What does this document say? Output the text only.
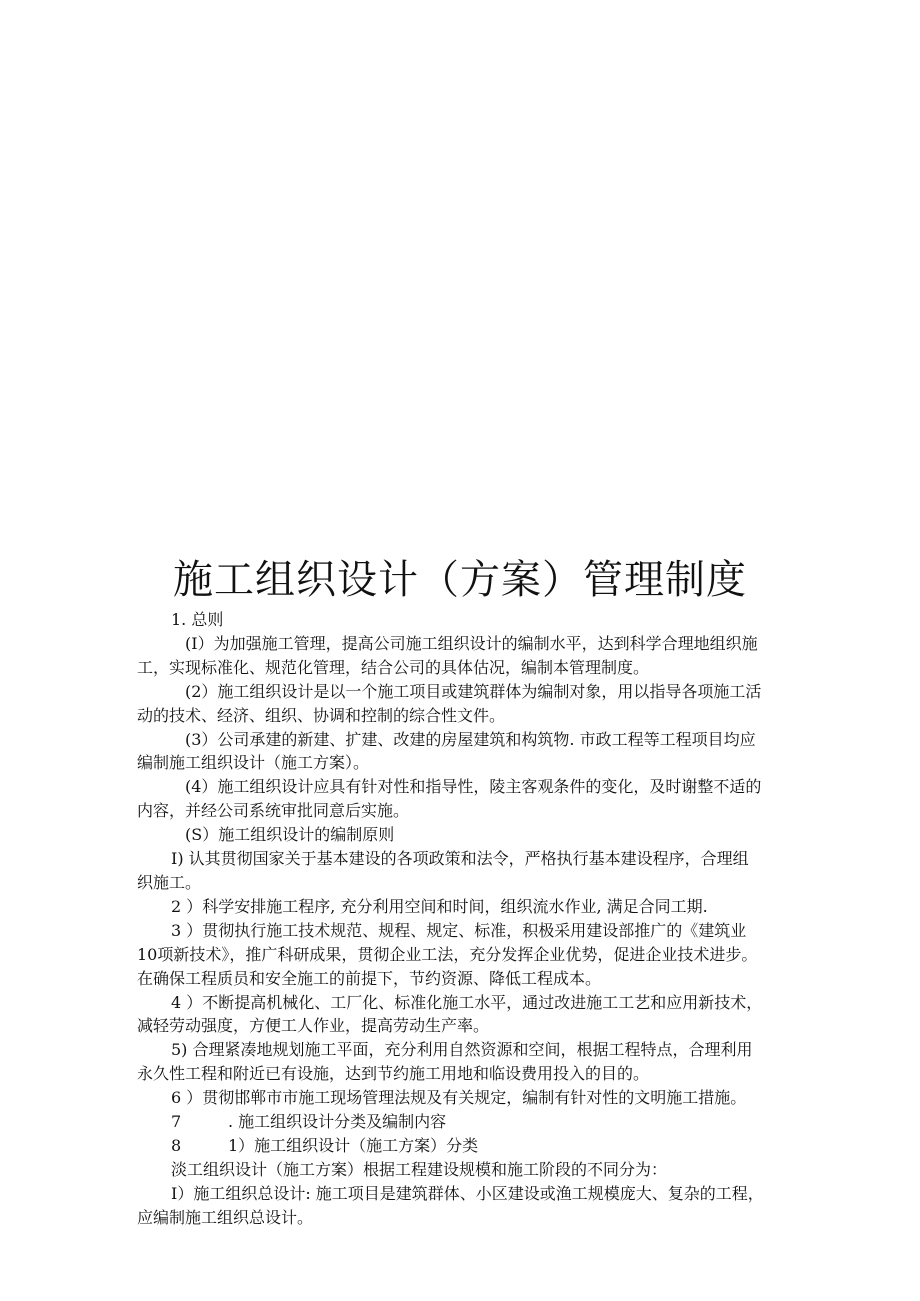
施工组织设计（方案）管理制度

1. 总则

(I）为加强施工管理，提高公司施工组织设计的编制水平，达到科学合理地组织施

工，实现标准化、规范化管理，结合公司的具体估况，编制本管理制度。

(2）施工组织设计是以一个施工项目或建筑群体为编制对象，用以指导各项施工活

动的技术、经济、组织、协调和控制的综合性文件。

(3）公司承建的新建、扩建、改建的房屋建筑和构筑物. 市政工程等工程项目均应

编制施工组织设计（施工方案）。

(4）施工组织设计应具有针对性和指导性，陵主客观条件的变化，及时谢整不适的

内容，并经公司系统审批同意后实施。

(S）施工组织设计的编制原则

I) 认其贯彻国家关于基本建设的各项政策和法令，严格执行基本建设程序，合理组

织施工。

2 ）科学安排施工程序, 充分利用空间和时间，组织流水作业, 满足合同工期.

3 ）贯彻执行施工技术规范、规程、规定、标准，积极采用建设部推广的《建筑业

10项新技术》，推广科研成果，贯彻企业工法，充分发挥企业优势，促进企业技术进步。

在确保工程质员和安全施工的前提下，节约资源、降低工程成本。

4 ）不断提高机械化、工厂化、标准化施工水平，通过改进施工工艺和应用新技术，

减轻劳动强度，方便工人作业，提高劳动生产率。

5) 合理紧凑地规划施工平面，充分利用自然资源和空间，根据工程特点，合理利用

永久性工程和附近已有设施，达到节约施工用地和临设费用投入的目的。

6 ）贯彻邯郸市市施工现场管理法规及有关规定，编制有针对性的文明施工措施。

7	. 施工组织设计分类及编制内容

8	1）施工组织设计（施工方案）分类

淡工组织设计（施工方案）根据工程建设规模和施工阶段的不同分为：

I）施工组织总设计: 施工项目是建筑群体、小区建设或渔工规模庞大、复杂的工程，

应编制施工组织总设计。
